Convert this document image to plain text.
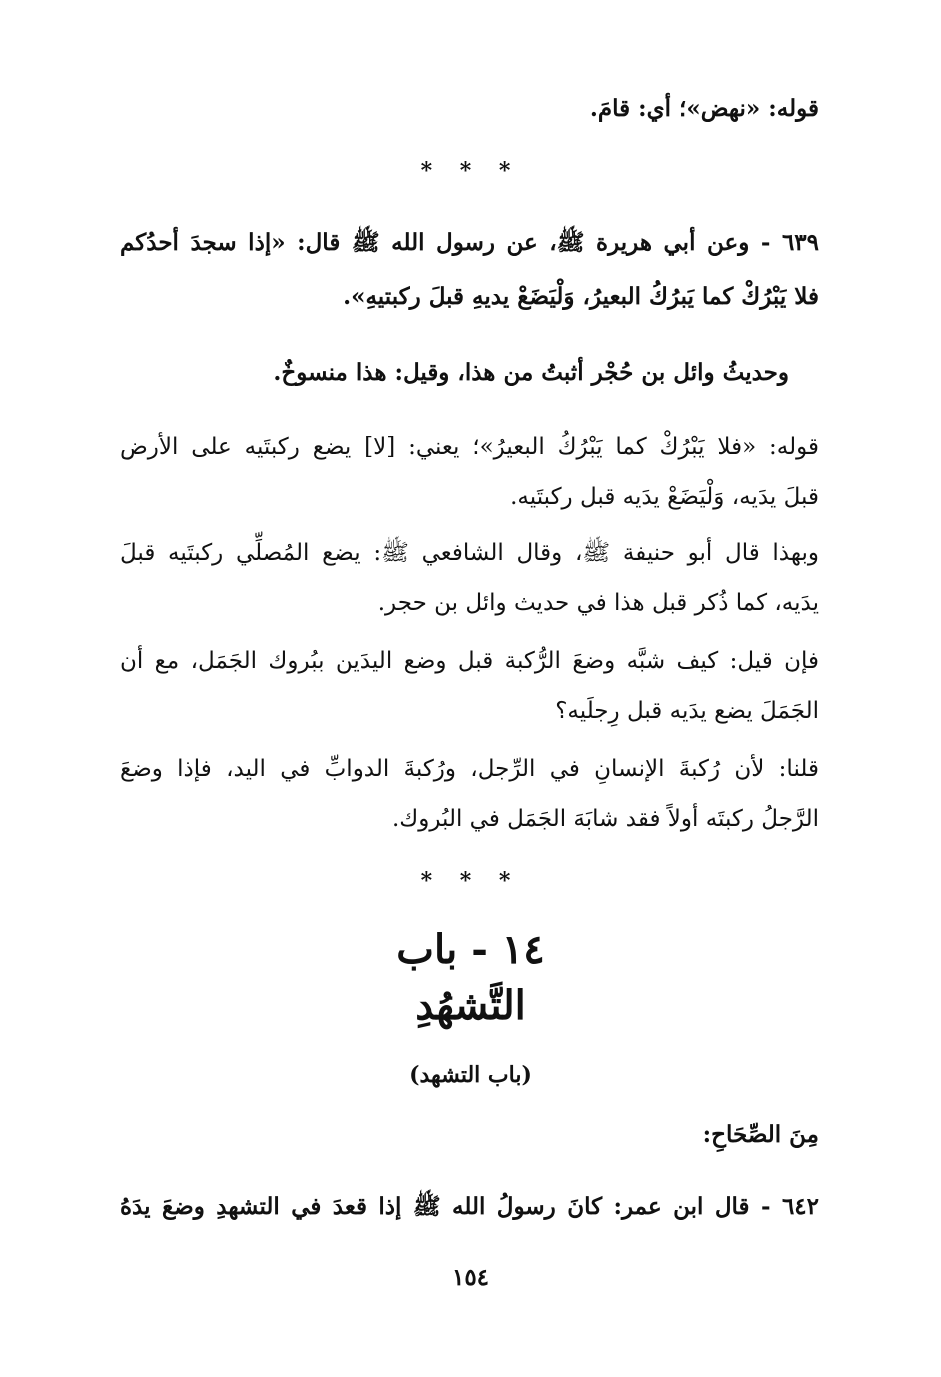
قوله: «نهض»؛ أي: قامَ.
* * *
٦٣٩ - وعن أبي هريرة ﷺ، عن رسول الله ﷺ قال: «إذا سجدَ أحدُكم
فلا يَبْرُكْ كما يَبرُكُ البعيرُ، وَلْيَضَعْ يديهِ قبلَ ركبتيهِ».
وحديثُ وائل بن حُجْر أثبتُ من هذا، وقيل: هذا منسوخٌ.
قوله: «فلا يَبْرُكْ كما يَبْرُكُ البعيرُ»؛ يعني: [لا] يضع ركبتَيه على الأرض
قبلَ يدَيه، وَلْيَضَعْ يدَيه قبل ركبتَيه.
وبهذا قال أبو حنيفة ﷺ، وقال الشافعي ﷺ: يضع المُصلِّي ركبتَيه قبلَ
يدَيه، كما ذُكر قبل هذا في حديث وائل بن حجر.
فإن قيل: كيف شبَّه وضعَ الرُّكبة قبل وضع اليدَين ببُروك الجَمَل، مع أن
الجَمَلَ يضع يدَيه قبل رِجلَيه؟
قلنا: لأن رُكبةَ الإنسانِ في الرِّجل، ورُكبةَ الدوابِّ في اليد، فإذا وضعَ
الرَّجلُ ركبتَه أولاً فقد شابَهَ الجَمَل في البُروك.
* * *
١٤ - باب
التَّشهُدِ
(باب التشهد)
مِنَ الصِّحَاحِ:
٦٤٢ - قال ابن عمر: كانَ رسولُ الله ﷺ إذا قعدَ في التشهدِ وضعَ يدَهُ
١٥٤
